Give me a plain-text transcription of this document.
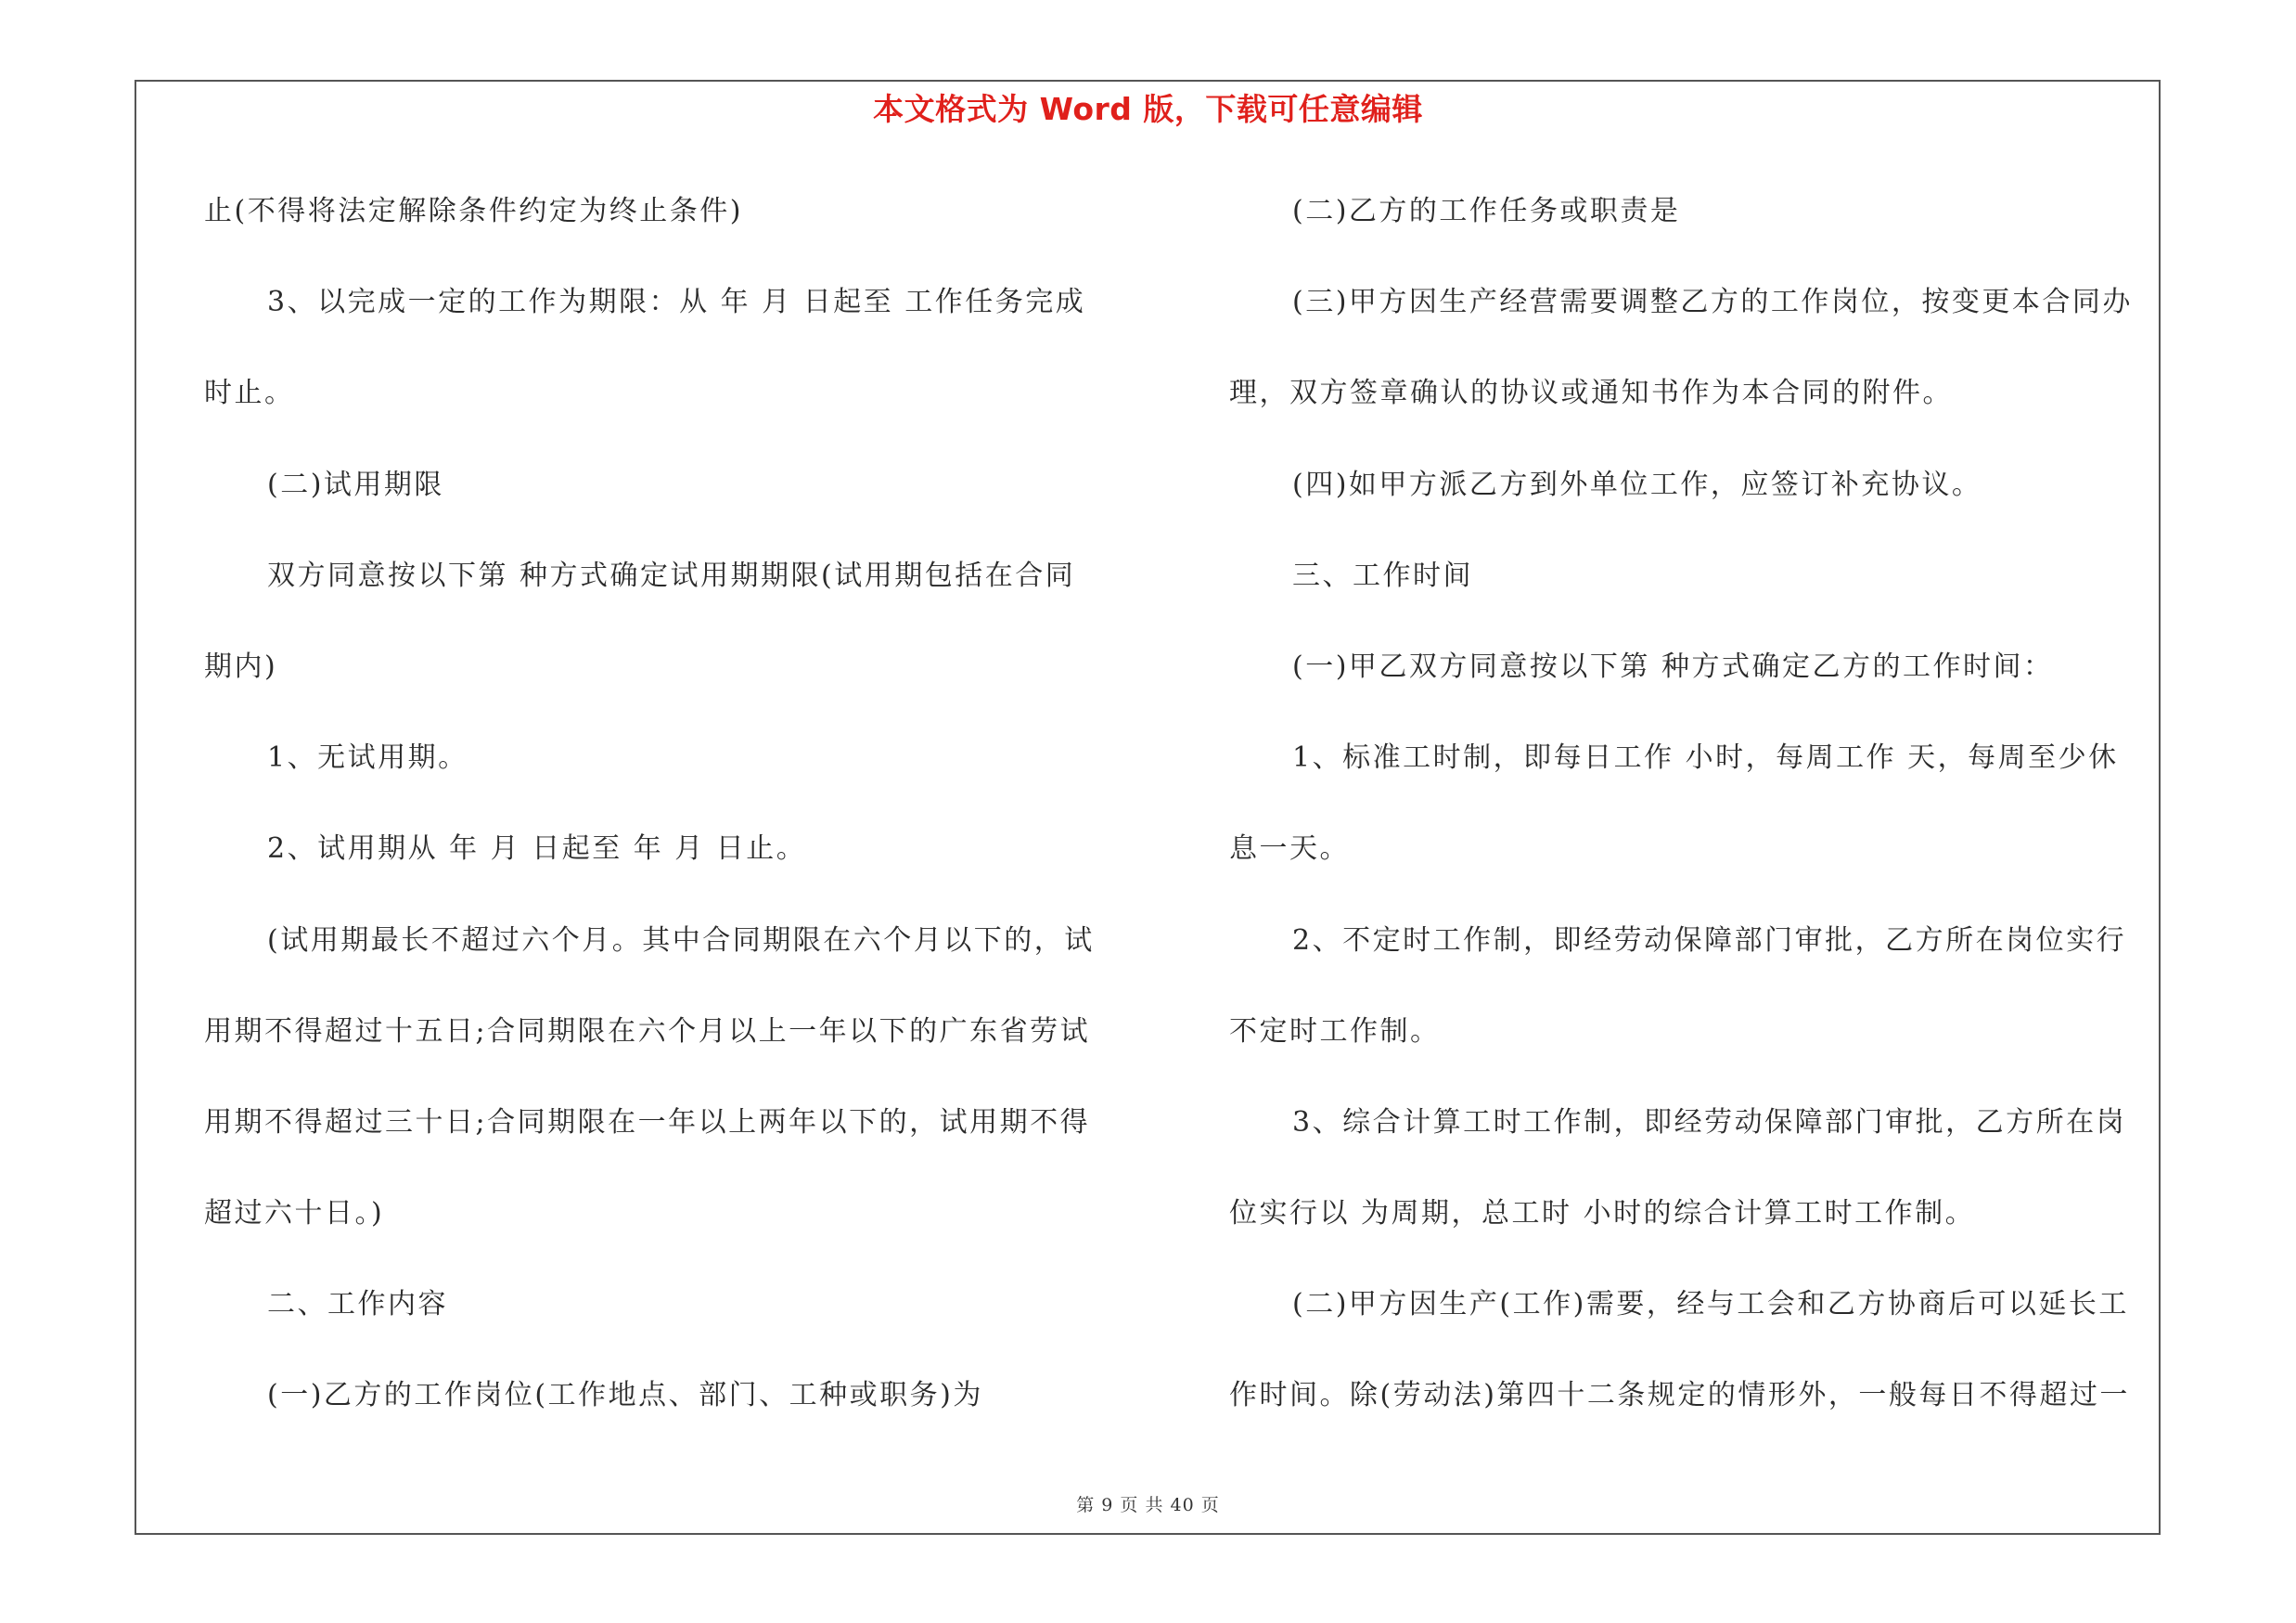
本文格式为 Word 版，下载可任意编辑
止(不得将法定解除条件约定为终止条件)
3、以完成一定的工作为期限：从 年 月 日起至 工作任务完成
时止。
(二)试用期限
双方同意按以下第 种方式确定试用期期限(试用期包括在合同
期内)
1、无试用期。
2、试用期从 年 月 日起至 年 月 日止。
(试用期最长不超过六个月。其中合同期限在六个月以下的，试
用期不得超过十五日;合同期限在六个月以上一年以下的广东省劳试
用期不得超过三十日;合同期限在一年以上两年以下的，试用期不得
超过六十日。)
二、工作内容
(一)乙方的工作岗位(工作地点、部门、工种或职务)为
(二)乙方的工作任务或职责是
(三)甲方因生产经营需要调整乙方的工作岗位，按变更本合同办
理，双方签章确认的协议或通知书作为本合同的附件。
(四)如甲方派乙方到外单位工作，应签订补充协议。
三、工作时间
(一)甲乙双方同意按以下第 种方式确定乙方的工作时间：
1、标准工时制，即每日工作 小时，每周工作 天，每周至少休
息一天。
2、不定时工作制，即经劳动保障部门审批，乙方所在岗位实行
不定时工作制。
3、综合计算工时工作制，即经劳动保障部门审批，乙方所在岗
位实行以 为周期，总工时 小时的综合计算工时工作制。
(二)甲方因生产(工作)需要，经与工会和乙方协商后可以延长工
作时间。除(劳动法)第四十二条规定的情形外，一般每日不得超过一
第 9 页 共 40 页
